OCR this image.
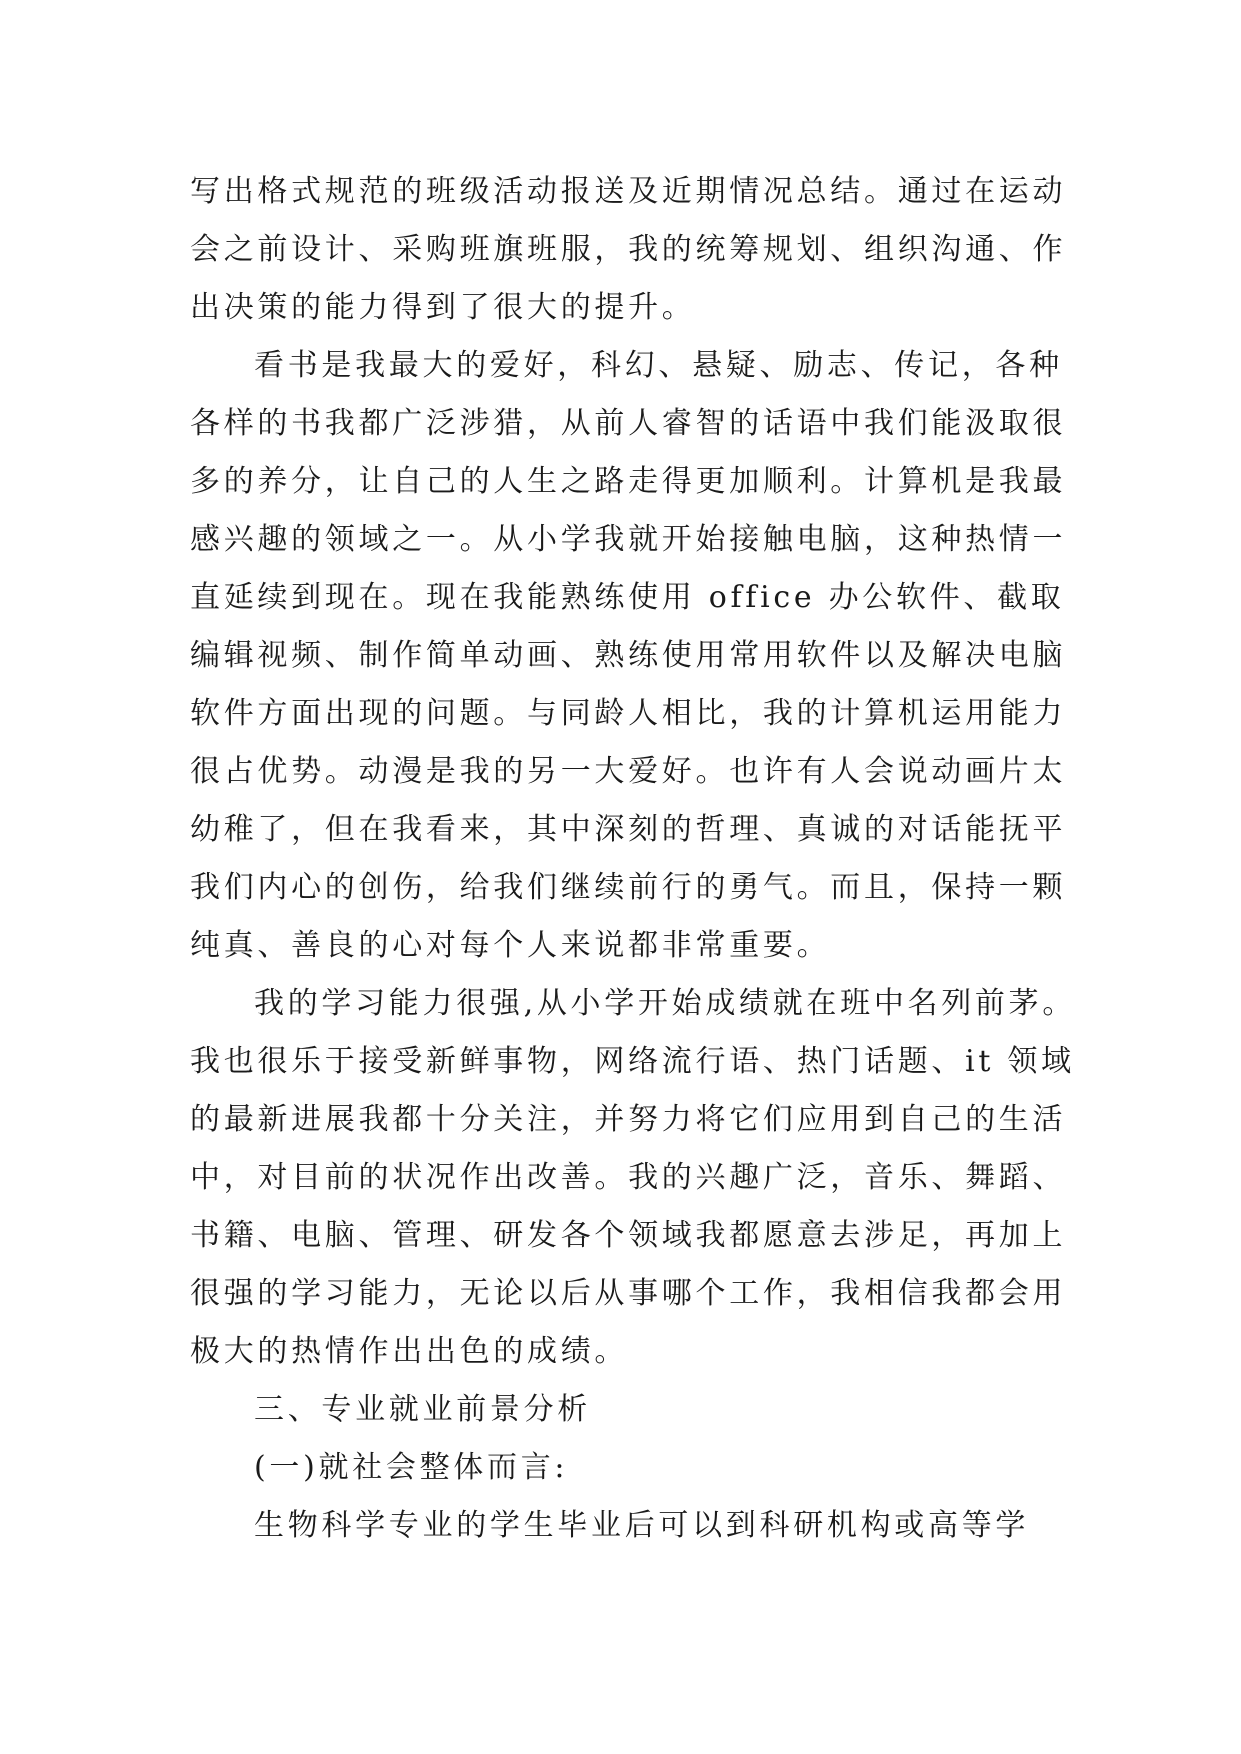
写出格式规范的班级活动报送及近期情况总结。通过在运动
会之前设计、采购班旗班服，我的统筹规划、组织沟通、作
出决策的能力得到了很大的提升。
看书是我最大的爱好，科幻、悬疑、励志、传记，各种
各样的书我都广泛涉猎，从前人睿智的话语中我们能汲取很
多的养分，让自己的人生之路走得更加顺利。计算机是我最
感兴趣的领域之一。从小学我就开始接触电脑，这种热情一
直延续到现在。现在我能熟练使用 office 办公软件、截取
编辑视频、制作简单动画、熟练使用常用软件以及解决电脑
软件方面出现的问题。与同龄人相比，我的计算机运用能力
很占优势。动漫是我的另一大爱好。也许有人会说动画片太
幼稚了，但在我看来，其中深刻的哲理、真诚的对话能抚平
我们内心的创伤，给我们继续前行的勇气。而且，保持一颗
纯真、善良的心对每个人来说都非常重要。
我的学习能力很强,从小学开始成绩就在班中名列前茅。
我也很乐于接受新鲜事物，网络流行语、热门话题、it 领域
的最新进展我都十分关注，并努力将它们应用到自己的生活
中，对目前的状况作出改善。我的兴趣广泛，音乐、舞蹈、
书籍、电脑、管理、研发各个领域我都愿意去涉足，再加上
很强的学习能力，无论以后从事哪个工作，我相信我都会用
极大的热情作出出色的成绩。
三、专业就业前景分析
(一)就社会整体而言:
生物科学专业的学生毕业后可以到科研机构或高等学
